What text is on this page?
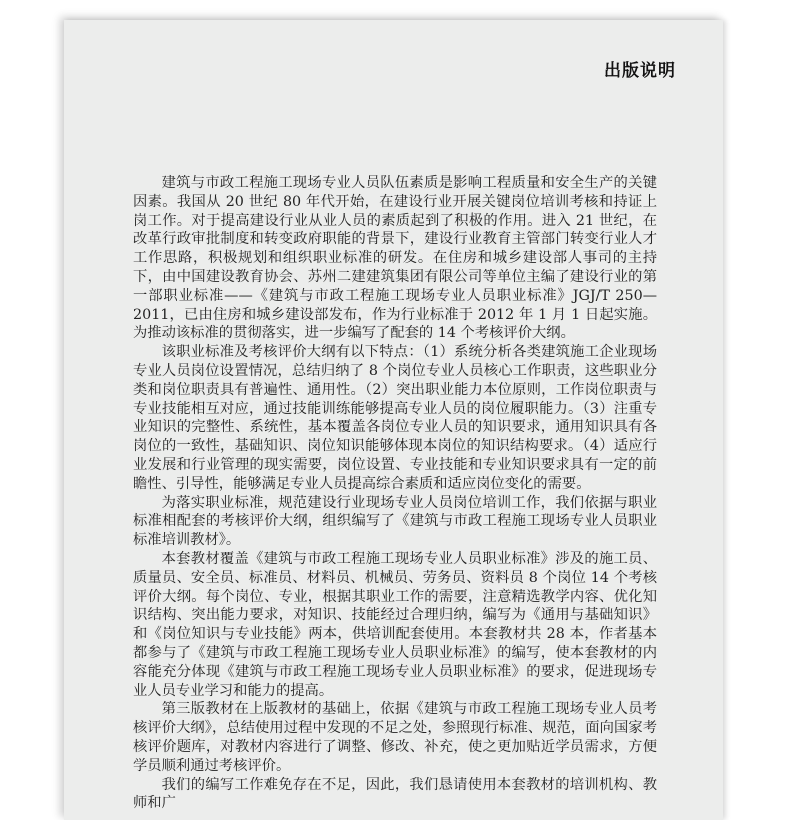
出版说明

建筑与市政工程施工现场专业人员队伍素质是影响工程质量和安全生产的关键因素。我国从 20 世纪 80 年代开始，在建设行业开展关键岗位培训考核和持证上岗工作。对于提高建设行业从业人员的素质起到了积极的作用。进入 21 世纪，在改革行政审批制度和转变政府职能的背景下，建设行业教育主管部门转变行业人才工作思路，积极规划和组织职业标准的研发。在住房和城乡建设部人事司的主持下，由中国建设教育协会、苏州二建建筑集团有限公司等单位主编了建设行业的第一部职业标准——《建筑与市政工程施工现场专业人员职业标准》JGJ/T 250—2011，已由住房和城乡建设部发布，作为行业标准于 2012 年 1 月 1 日起实施。为推动该标准的贯彻落实，进一步编写了配套的 14 个考核评价大纲。

该职业标准及考核评价大纲有以下特点：（1）系统分析各类建筑施工企业现场专业人员岗位设置情况，总结归纳了 8 个岗位专业人员核心工作职责，这些职业分类和岗位职责具有普遍性、通用性。（2）突出职业能力本位原则，工作岗位职责与专业技能相互对应，通过技能训练能够提高专业人员的岗位履职能力。（3）注重专业知识的完整性、系统性，基本覆盖各岗位专业人员的知识要求，通用知识具有各岗位的一致性，基础知识、岗位知识能够体现本岗位的知识结构要求。（4）适应行业发展和行业管理的现实需要，岗位设置、专业技能和专业知识要求具有一定的前瞻性、引导性，能够满足专业人员提高综合素质和适应岗位变化的需要。

为落实职业标准，规范建设行业现场专业人员岗位培训工作，我们依据与职业标准相配套的考核评价大纲，组织编写了《建筑与市政工程施工现场专业人员职业标准培训教材》。

本套教材覆盖《建筑与市政工程施工现场专业人员职业标准》涉及的施工员、质量员、安全员、标准员、材料员、机械员、劳务员、资料员 8 个岗位 14 个考核评价大纲。每个岗位、专业，根据其职业工作的需要，注意精选教学内容、优化知识结构、突出能力要求，对知识、技能经过合理归纳，编写为《通用与基础知识》和《岗位知识与专业技能》两本，供培训配套使用。本套教材共 28 本，作者基本都参与了《建筑与市政工程施工现场专业人员职业标准》的编写，使本套教材的内容能充分体现《建筑与市政工程施工现场专业人员职业标准》的要求，促进现场专业人员专业学习和能力的提高。

第三版教材在上版教材的基础上，依据《建筑与市政工程施工现场专业人员考核评价大纲》，总结使用过程中发现的不足之处，参照现行标准、规范，面向国家考核评价题库，对教材内容进行了调整、修改、补充，使之更加贴近学员需求，方便学员顺利通过考核评价。

我们的编写工作难免存在不足，因此，我们恳请使用本套教材的培训机构、教师和广
